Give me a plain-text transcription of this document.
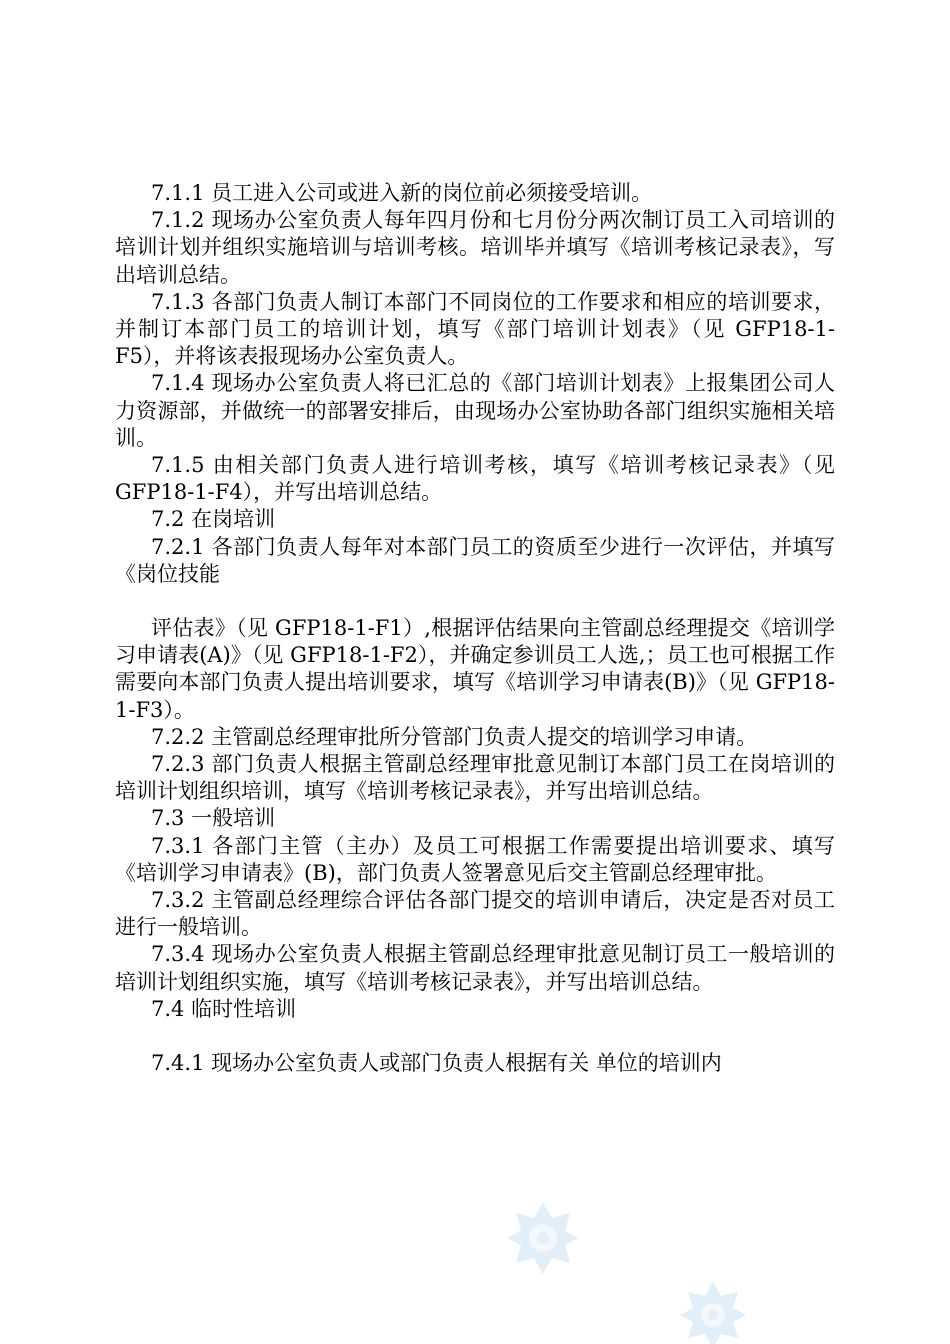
7.1.1 员工进入公司或进入新的岗位前必须接受培训。

7.1.2 现场办公室负责人每年四月份和七月份分两次制订员工入司培训的培训计划并组织实施培训与培训考核。培训毕并填写《培训考核记录表》，写出培训总结。

7.1.3 各部门负责人制订本部门不同岗位的工作要求和相应的培训要求，并制订本部门员工的培训计划，填写《部门培训计划表》（见 GFP18-1-F5），并将该表报现场办公室负责人。

7.1.4 现场办公室负责人将已汇总的《部门培训计划表》上报集团公司人力资源部，并做统一的部署安排后，由现场办公室协助各部门组织实施相关培训。

7.1.5 由相关部门负责人进行培训考核，填写《培训考核记录表》（见 GFP18-1-F4），并写出培训总结。

7.2 在岗培训

7.2.1 各部门负责人每年对本部门员工的资质至少进行一次评估，并填写《岗位技能

评估表》（见 GFP18-1-F1）,根据评估结果向主管副总经理提交《培训学习申请表(A)》（见 GFP18-1-F2），并确定参训员工人选,；员工也可根据工作需要向本部门负责人提出培训要求，填写《培训学习申请表(B)》（见 GFP18-1-F3）。

7.2.2 主管副总经理审批所分管部门负责人提交的培训学习申请。

7.2.3 部门负责人根据主管副总经理审批意见制订本部门员工在岗培训的培训计划组织培训，填写《培训考核记录表》，并写出培训总结。

7.3 一般培训

7.3.1 各部门主管（主办）及员工可根据工作需要提出培训要求、填写《培训学习申请表》(B)，部门负责人签署意见后交主管副总经理审批。

7.3.2 主管副总经理综合评估各部门提交的培训申请后，决定是否对员工进行一般培训。

7.3.4 现场办公室负责人根据主管副总经理审批意见制订员工一般培训的培训计划组织实施，填写《培训考核记录表》，并写出培训总结。

7.4 临时性培训

7.4.1 现场办公室负责人或部门负责人根据有关 单位的培训内
